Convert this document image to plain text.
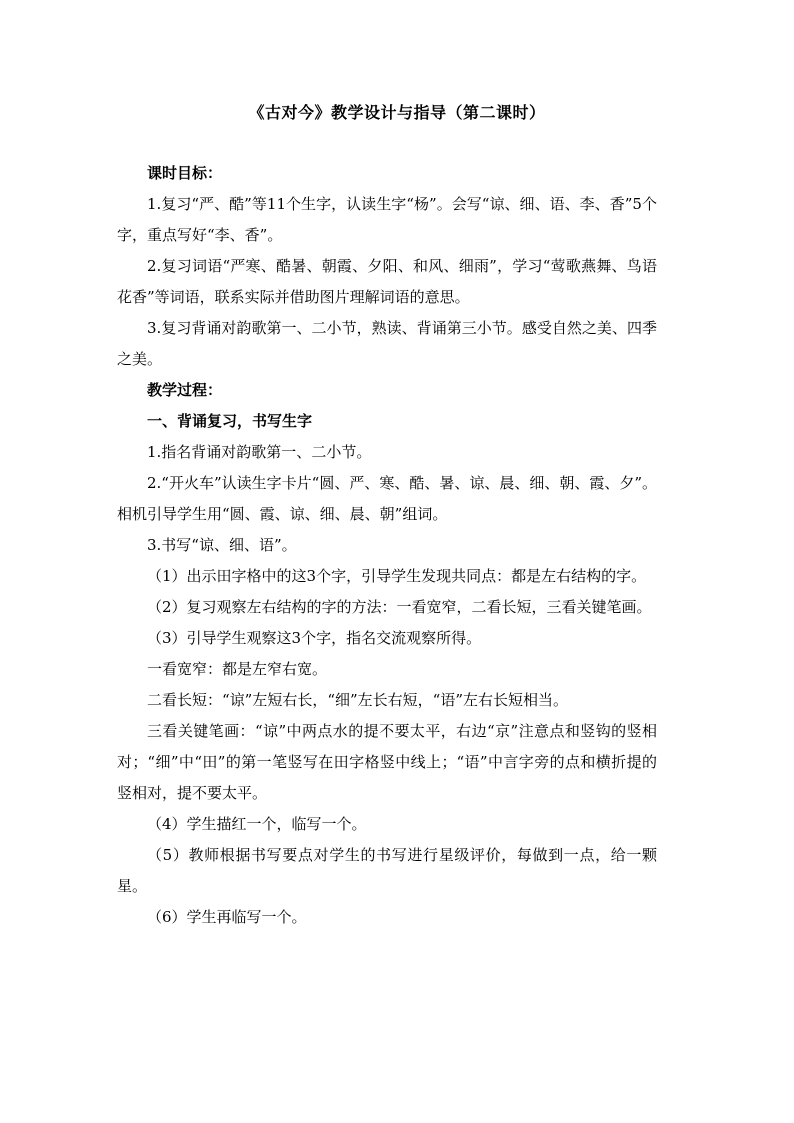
《古对今》教学设计与指导（第二课时）

课时目标：

1.复习“严、酷”等11个生字，认读生字“杨”。会写“谅、细、语、李、香”5个字，重点写好“李、香”。

2.复习词语“严寒、酷暑、朝霞、夕阳、和风、细雨”，学习“莺歌燕舞、鸟语花香”等词语，联系实际并借助图片理解词语的意思。

3.复习背诵对韵歌第一、二小节，熟读、背诵第三小节。感受自然之美、四季之美。

教学过程：

一、背诵复习，书写生字

1.指名背诵对韵歌第一、二小节。

2.“开火车”认读生字卡片“圆、严、寒、酷、暑、谅、晨、细、朝、霞、夕”。相机引导学生用“圆、霞、谅、细、晨、朝”组词。

3.书写“谅、细、语”。

（1）出示田字格中的这3个字，引导学生发现共同点：都是左右结构的字。

（2）复习观察左右结构的字的方法：一看宽窄，二看长短，三看关键笔画。

（3）引导学生观察这3个字，指名交流观察所得。

一看宽窄：都是左窄右宽。

二看长短：“谅”左短右长，“细”左长右短，“语”左右长短相当。

三看关键笔画：“谅”中两点水的提不要太平，右边“京”注意点和竖钩的竖相对；“细”中“田”的第一笔竖写在田字格竖中线上；“语”中言字旁的点和横折提的竖相对，提不要太平。

（4）学生描红一个，临写一个。

（5）教师根据书写要点对学生的书写进行星级评价，每做到一点，给一颗星。

（6）学生再临写一个。
